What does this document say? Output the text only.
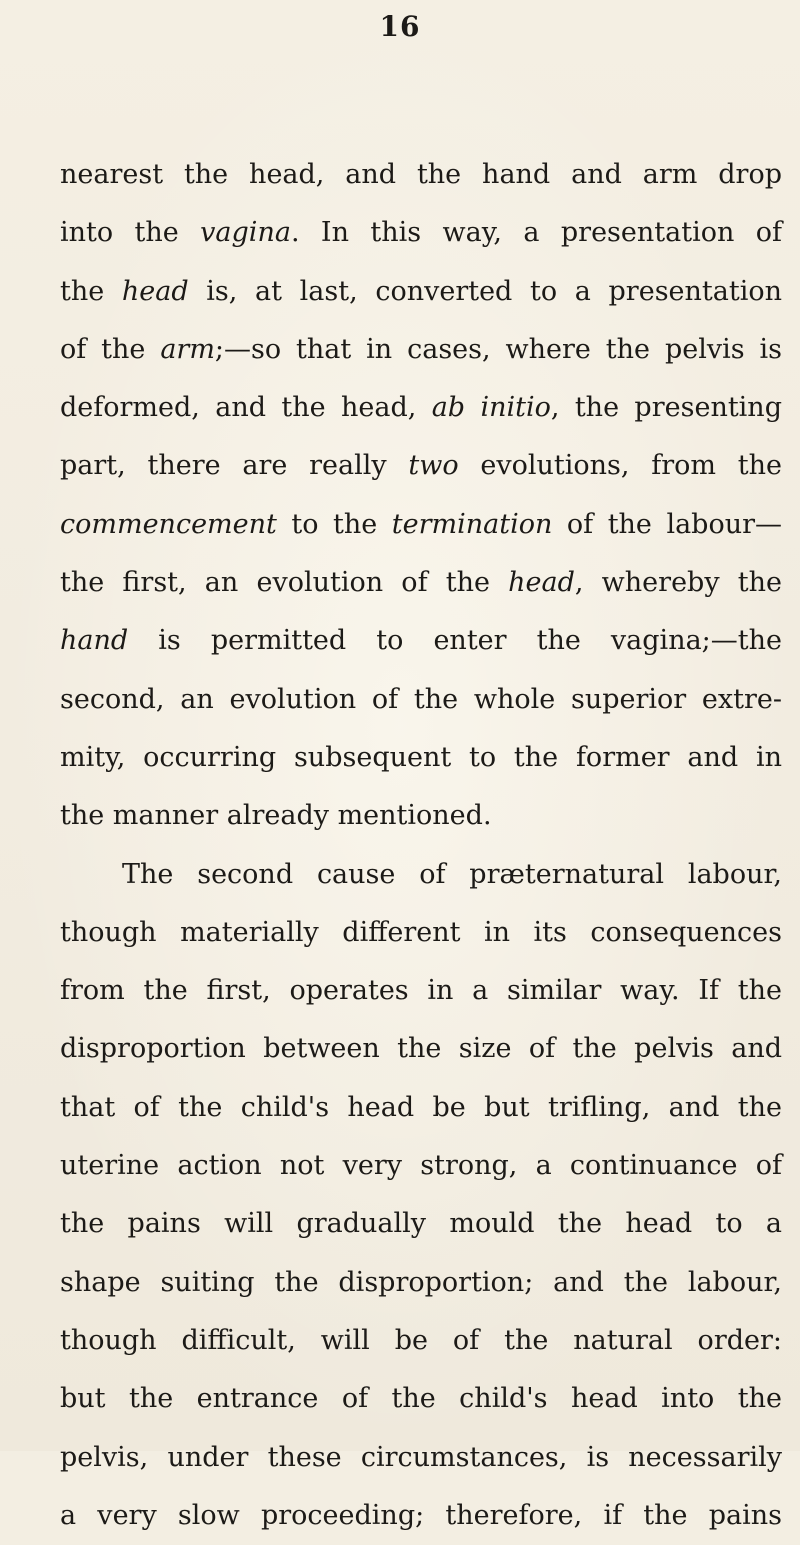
16
nearest the head, and the hand and arm drop
into the vagina. In this way, a presentation of
the head is, at last, converted to a presentation
of the arm;—so that in cases, where the pelvis is
deformed, and the head, ab initio, the presenting
part, there are really two evolutions, from the
commencement to the termination of the labour—
the first, an evolution of the head, whereby the
hand is permitted to enter the vagina;—the
second, an evolution of the whole superior extre-
mity, occurring subsequent to the former and in
the manner already mentioned.
The second cause of præternatural labour,
though materially different in its consequences
from the first, operates in a similar way. If the
disproportion between the size of the pelvis and
that of the child's head be but trifling, and the
uterine action not very strong, a continuance of
the pains will gradually mould the head to a
shape suiting the disproportion; and the labour,
though difficult, will be of the natural order:
but the entrance of the child's head into the
pelvis, under these circumstances, is necessarily
a very slow proceeding; therefore, if the pains
